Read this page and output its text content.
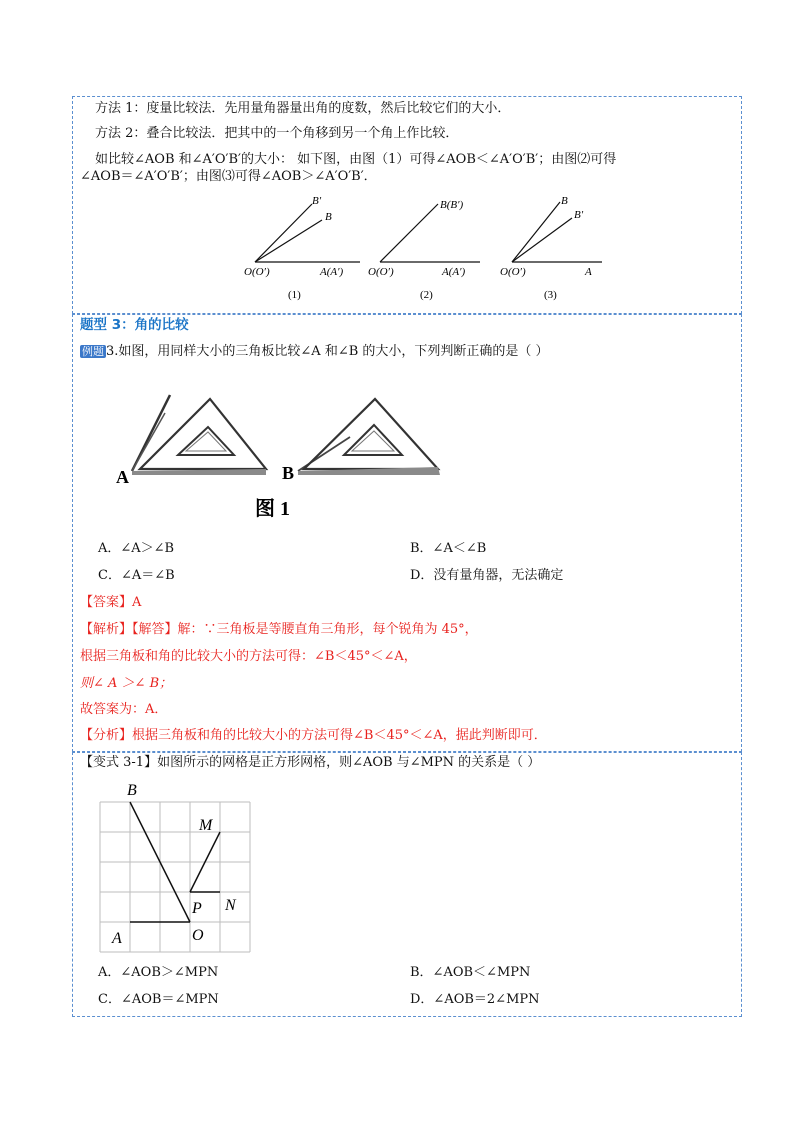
方法 1：度量比较法．先用量角器量出角的度数，然后比较它们的大小．
方法 2：叠合比较法．把其中的一个角移到另一个角上作比较．
如比较∠AOB 和∠A′O′B′的大小： 如下图，由图（1）可得∠AOB＜∠A′O′B′；由图⑵可得
∠AOB＝∠A′O′B′；由图⑶可得∠AOB＞∠A′O′B′．
O(O′)	A(A′)
B
B′
(1)
O(O′)	A(A′)
B(B′)
(2)
O(O′)	A
B
B′
(3)
题型 3：角的比较
例题 3.如图，用同样大小的三角板比较∠A 和∠B 的大小，下列判断正确的是（ ）
A	B
图 1
A．∠A＞∠B	B．∠A＜∠B
C．∠A＝∠B	D．没有量角器，无法确定
【答案】A
【解析】【解答】解：∵三角板是等腰直角三角形，每个锐角为 45°，
根据三角板和角的比较大小的方法可得：∠B＜45°＜∠A，
则∠ A ＞∠ B；
故答案为：A．
【分析】根据三角板和角的比较大小的方法可得∠B＜45°＜∠A，据此判断即可．
【变式 3-1】如图所示的网格是正方形网格，则∠AOB 与∠MPN 的关系是（ ）
B
M
P N
A	O
A．∠AOB＞∠MPN	B．∠AOB＜∠MPN
C．∠AOB＝∠MPN	D．∠AOB＝2∠MPN
